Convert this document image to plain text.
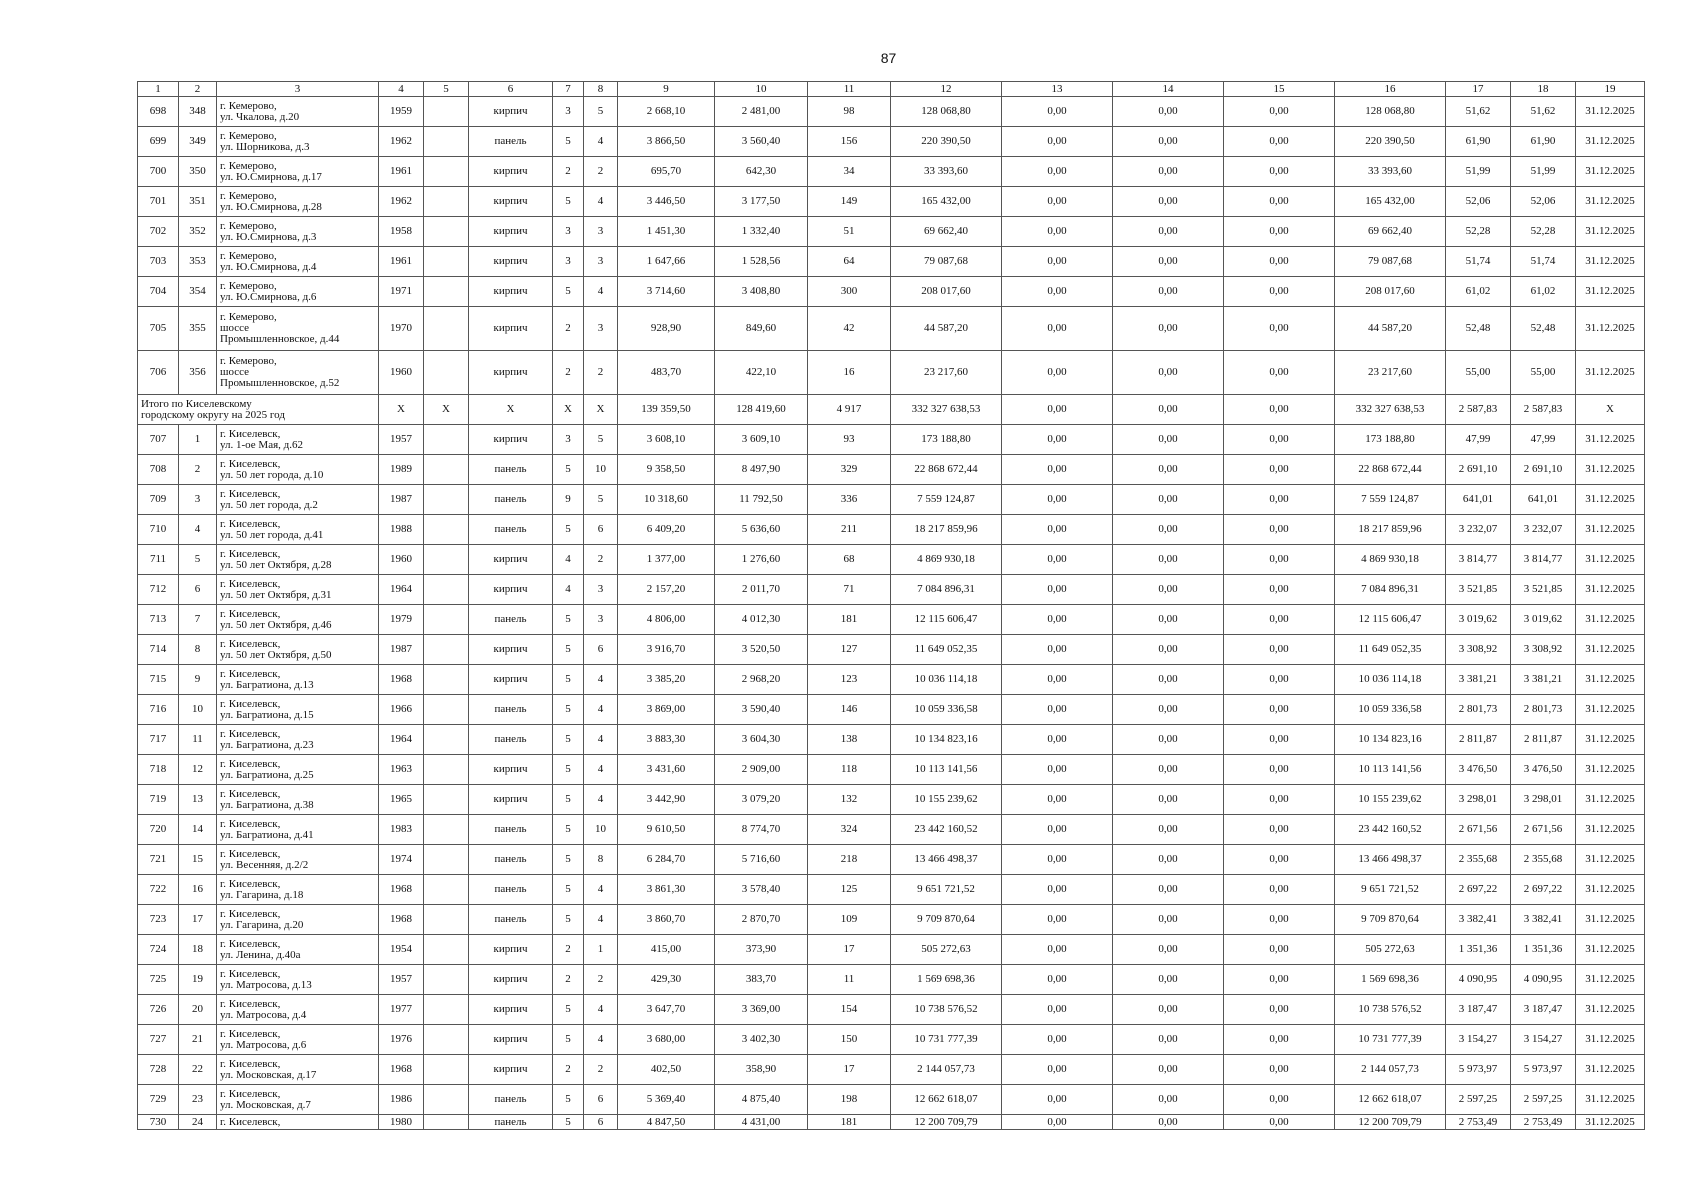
87
1	2	3	4	5	6	7	8	9	10	11	12	13	14	15	16	17	18	19
698	348	г. Кемерово,
ул. Чкалова, д.20	1959		кирпич	3	5	2 668,10	2 481,00	98	128 068,80	0,00	0,00	0,00	128 068,80	51,62	51,62	31.12.2025
699	349	г. Кемерово,
ул. Шорникова, д.3	1962		панель	5	4	3 866,50	3 560,40	156	220 390,50	0,00	0,00	0,00	220 390,50	61,90	61,90	31.12.2025
700	350	г. Кемерово,
ул. Ю.Смирнова, д.17	1961		кирпич	2	2	695,70	642,30	34	33 393,60	0,00	0,00	0,00	33 393,60	51,99	51,99	31.12.2025
701	351	г. Кемерово,
ул. Ю.Смирнова, д.28	1962		кирпич	5	4	3 446,50	3 177,50	149	165 432,00	0,00	0,00	0,00	165 432,00	52,06	52,06	31.12.2025
702	352	г. Кемерово,
ул. Ю.Смирнова, д.3	1958		кирпич	3	3	1 451,30	1 332,40	51	69 662,40	0,00	0,00	0,00	69 662,40	52,28	52,28	31.12.2025
703	353	г. Кемерово,
ул. Ю.Смирнова, д.4	1961		кирпич	3	3	1 647,66	1 528,56	64	79 087,68	0,00	0,00	0,00	79 087,68	51,74	51,74	31.12.2025
704	354	г. Кемерово,
ул. Ю.Смирнова, д.6	1971		кирпич	5	4	3 714,60	3 408,80	300	208 017,60	0,00	0,00	0,00	208 017,60	61,02	61,02	31.12.2025
705	355	г. Кемерово,
шоссе
Промышленновское, д.44	1970		кирпич	2	3	928,90	849,60	42	44 587,20	0,00	0,00	0,00	44 587,20	52,48	52,48	31.12.2025
706	356	г. Кемерово,
шоссе
Промышленновское, д.52	1960		кирпич	2	2	483,70	422,10	16	23 217,60	0,00	0,00	0,00	23 217,60	55,00	55,00	31.12.2025

Итого по Киселевскому
городскому округу на 2025 год			X	X	X	X	X	139 359,50	128 419,60	4 917	332 327 638,53	0,00	0,00	0,00	332 327 638,53	2 587,83	2 587,83	X
707	1	г. Киселевск,
ул. 1-ое Мая, д.62	1957		кирпич	3	5	3 608,10	3 609,10	93	173 188,80	0,00	0,00	0,00	173 188,80	47,99	47,99	31.12.2025
708	2	г. Киселевск,
ул. 50 лет города, д.10	1989		панель	5	10	9 358,50	8 497,90	329	22 868 672,44	0,00	0,00	0,00	22 868 672,44	2 691,10	2 691,10	31.12.2025
709	3	г. Киселевск,
ул. 50 лет города, д.2	1987		панель	9	5	10 318,60	11 792,50	336	7 559 124,87	0,00	0,00	0,00	7 559 124,87	641,01	641,01	31.12.2025
710	4	г. Киселевск,
ул. 50 лет города, д.41	1988		панель	5	6	6 409,20	5 636,60	211	18 217 859,96	0,00	0,00	0,00	18 217 859,96	3 232,07	3 232,07	31.12.2025
711	5	г. Киселевск,
ул. 50 лет Октября, д.28	1960		кирпич	4	2	1 377,00	1 276,60	68	4 869 930,18	0,00	0,00	0,00	4 869 930,18	3 814,77	3 814,77	31.12.2025
712	6	г. Киселевск,
ул. 50 лет Октября, д.31	1964		кирпич	4	3	2 157,20	2 011,70	71	7 084 896,31	0,00	0,00	0,00	7 084 896,31	3 521,85	3 521,85	31.12.2025
713	7	г. Киселевск,
ул. 50 лет Октября, д.46	1979		панель	5	3	4 806,00	4 012,30	181	12 115 606,47	0,00	0,00	0,00	12 115 606,47	3 019,62	3 019,62	31.12.2025
714	8	г. Киселевск,
ул. 50 лет Октября, д.50	1987		кирпич	5	6	3 916,70	3 520,50	127	11 649 052,35	0,00	0,00	0,00	11 649 052,35	3 308,92	3 308,92	31.12.2025
715	9	г. Киселевск,
ул. Багратиона, д.13	1968		кирпич	5	4	3 385,20	2 968,20	123	10 036 114,18	0,00	0,00	0,00	10 036 114,18	3 381,21	3 381,21	31.12.2025
716	10	г. Киселевск,
ул. Багратиона, д.15	1966		панель	5	4	3 869,00	3 590,40	146	10 059 336,58	0,00	0,00	0,00	10 059 336,58	2 801,73	2 801,73	31.12.2025
717	11	г. Киселевск,
ул. Багратиона, д.23	1964		панель	5	4	3 883,30	3 604,30	138	10 134 823,16	0,00	0,00	0,00	10 134 823,16	2 811,87	2 811,87	31.12.2025
718	12	г. Киселевск,
ул. Багратиона, д.25	1963		кирпич	5	4	3 431,60	2 909,00	118	10 113 141,56	0,00	0,00	0,00	10 113 141,56	3 476,50	3 476,50	31.12.2025
719	13	г. Киселевск,
ул. Багратиона, д.38	1965		кирпич	5	4	3 442,90	3 079,20	132	10 155 239,62	0,00	0,00	0,00	10 155 239,62	3 298,01	3 298,01	31.12.2025
720	14	г. Киселевск,
ул. Багратиона, д.41	1983		панель	5	10	9 610,50	8 774,70	324	23 442 160,52	0,00	0,00	0,00	23 442 160,52	2 671,56	2 671,56	31.12.2025
721	15	г. Киселевск,
ул. Весенняя, д.2/2	1974		панель	5	8	6 284,70	5 716,60	218	13 466 498,37	0,00	0,00	0,00	13 466 498,37	2 355,68	2 355,68	31.12.2025
722	16	г. Киселевск,
ул. Гагарина, д.18	1968		панель	5	4	3 861,30	3 578,40	125	9 651 721,52	0,00	0,00	0,00	9 651 721,52	2 697,22	2 697,22	31.12.2025
723	17	г. Киселевск,
ул. Гагарина, д.20	1968		панель	5	4	3 860,70	2 870,70	109	9 709 870,64	0,00	0,00	0,00	9 709 870,64	3 382,41	3 382,41	31.12.2025
724	18	г. Киселевск,
ул. Ленина, д.40а	1954		кирпич	2	1	415,00	373,90	17	505 272,63	0,00	0,00	0,00	505 272,63	1 351,36	1 351,36	31.12.2025
725	19	г. Киселевск,
ул. Матросова, д.13	1957		кирпич	2	2	429,30	383,70	11	1 569 698,36	0,00	0,00	0,00	1 569 698,36	4 090,95	4 090,95	31.12.2025
726	20	г. Киселевск,
ул. Матросова, д.4	1977		кирпич	5	4	3 647,70	3 369,00	154	10 738 576,52	0,00	0,00	0,00	10 738 576,52	3 187,47	3 187,47	31.12.2025
727	21	г. Киселевск,
ул. Матросова, д.6	1976		кирпич	5	4	3 680,00	3 402,30	150	10 731 777,39	0,00	0,00	0,00	10 731 777,39	3 154,27	3 154,27	31.12.2025
728	22	г. Киселевск,
ул. Московская, д.17	1968		кирпич	2	2	402,50	358,90	17	2 144 057,73	0,00	0,00	0,00	2 144 057,73	5 973,97	5 973,97	31.12.2025
729	23	г. Киселевск,
ул. Московская, д.7	1986		панель	5	6	5 369,40	4 875,40	198	12 662 618,07	0,00	0,00	0,00	12 662 618,07	2 597,25	2 597,25	31.12.2025
730	24	г. Киселевск,	1980		панель	5	6	4 847,50	4 431,00	181	12 200 709,79	0,00	0,00	0,00	12 200 709,79	2 753,49	2 753,49	31.12.2025
